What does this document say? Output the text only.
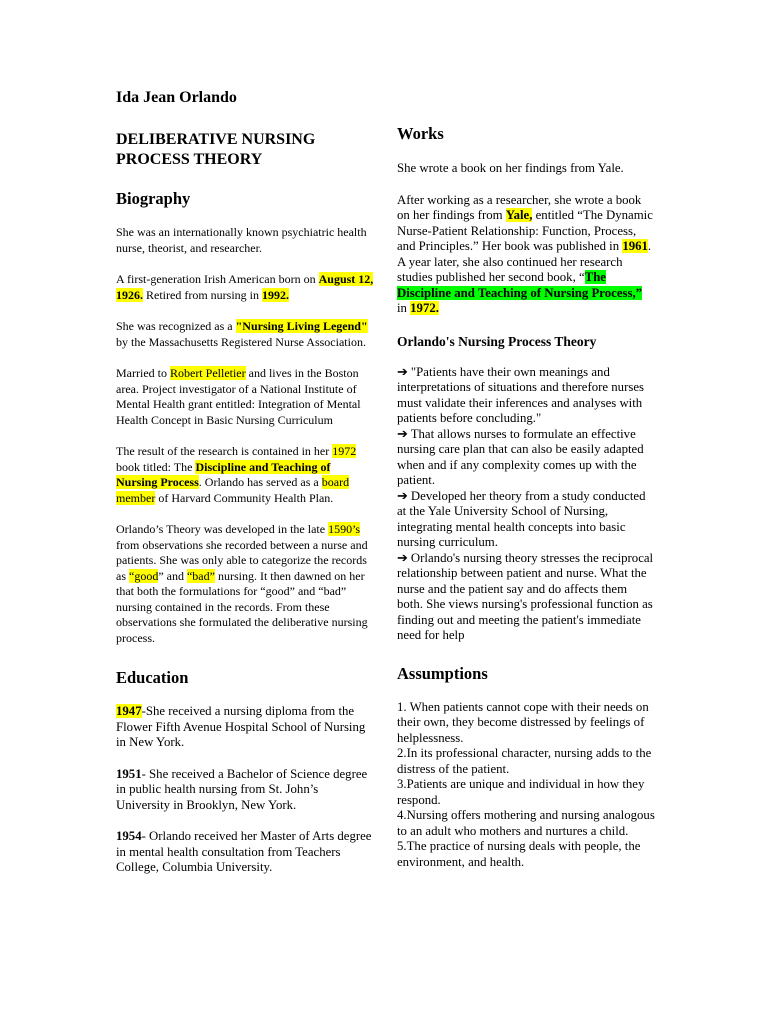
Ida Jean Orlando
DELIBERATIVE NURSING PROCESS THEORY
Biography

She was an internationally known psychiatric health nurse, theorist, and researcher.

A first-generation Irish American born on August 12, 1926. Retired from nursing in 1992.

She was recognized as a "Nursing Living Legend" by the Massachusetts Registered Nurse Association.

Married to Robert Pelletier and lives in the Boston area. Project investigator of a National Institute of Mental Health grant entitled: Integration of Mental Health Concept in Basic Nursing Curriculum

The result of the research is contained in her 1972 book titled: The Discipline and Teaching of Nursing Process. Orlando has served as a board member of Harvard Community Health Plan.

Orlando’s Theory was developed in the late 1590’s from observations she recorded between a nurse and patients. She was only able to categorize the records as “good” and “bad” nursing. It then dawned on her that both the formulations for “good” and “bad” nursing contained in the records. From these observations she formulated the deliberative nursing process.

Education

1947-She received a nursing diploma from the Flower Fifth Avenue Hospital School of Nursing in New York.

1951- She received a Bachelor of Science degree in public health nursing from St. John’s University in Brooklyn, New York.

1954- Orlando received her Master of Arts degree in mental health consultation from Teachers College, Columbia University.

Works

She wrote a book on her findings from Yale.

After working as a researcher, she wrote a book on her findings from Yale, entitled “The Dynamic Nurse-Patient Relationship: Function, Process, and Principles.” Her book was published in 1961. A year later, she also continued her research studies published her second book, “The Discipline and Teaching of Nursing Process,” in 1972.

Orlando's Nursing Process Theory

➔ "Patients have their own meanings and interpretations of situations and therefore nurses must validate their inferences and analyses with patients before concluding."
➔ That allows nurses to formulate an effective nursing care plan that can also be easily adapted when and if any complexity comes up with the patient.
➔ Developed her theory from a study conducted at the Yale University School of Nursing, integrating mental health concepts into basic nursing curriculum.
➔ Orlando's nursing theory stresses the reciprocal relationship between patient and nurse. What the nurse and the patient say and do affects them both. She views nursing's professional function as finding out and meeting the patient's immediate need for help

Assumptions

1. When patients cannot cope with their needs on their own, they become distressed by feelings of helplessness.
2.In its professional character, nursing adds to the distress of the patient.
3.Patients are unique and individual in how they respond.
4.Nursing offers mothering and nursing analogous to an adult who mothers and nurtures a child.
5.The practice of nursing deals with people, the environment, and health.
